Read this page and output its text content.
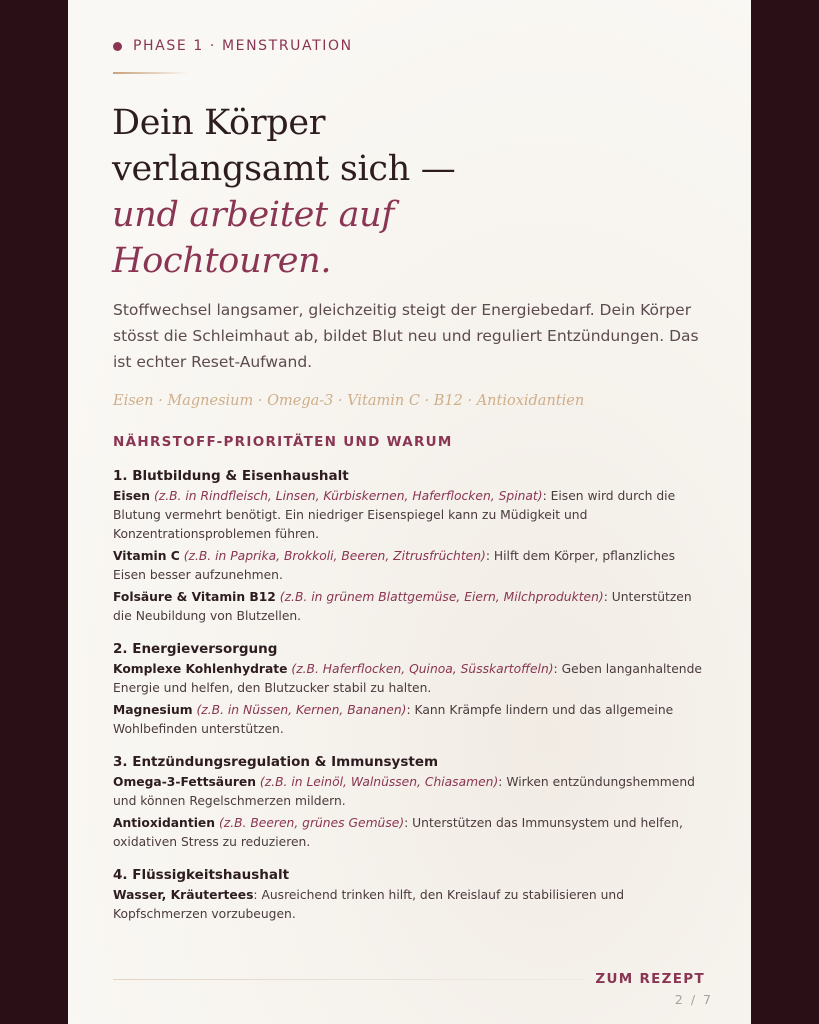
PHASE 1 · MENSTRUATION
Dein Körper
verlangsamt sich —
und arbeitet auf
Hochtouren.

Stoffwechsel langsamer, gleichzeitig steigt der Energiebedarf. Dein Körper stösst die Schleimhaut ab, bildet Blut neu und reguliert Entzündungen. Das ist echter Reset-Aufwand.

Eisen · Magnesium · Omega-3 · Vitamin C · B12 · Antioxidantien
NÄHRSTOFF-PRIORITÄTEN UND WARUM
1. Blutbildung & Eisenhaushalt

Eisen (z.B. in Rindfleisch, Linsen, Kürbiskernen, Haferflocken, Spinat): Eisen wird durch die Blutung vermehrt benötigt. Ein niedriger Eisenspiegel kann zu Müdigkeit und Konzentrationsproblemen führen.

Vitamin C (z.B. in Paprika, Brokkoli, Beeren, Zitrusfrüchten): Hilft dem Körper, pflanzliches Eisen besser aufzunehmen.

Folsäure & Vitamin B12 (z.B. in grünem Blattgemüse, Eiern, Milchprodukten): Unterstützen die Neubildung von Blutzellen.

2. Energieversorgung

Komplexe Kohlenhydrate (z.B. Haferflocken, Quinoa, Süsskartoffeln): Geben langanhaltende Energie und helfen, den Blutzucker stabil zu halten.

Magnesium (z.B. in Nüssen, Kernen, Bananen): Kann Krämpfe lindern und das allgemeine Wohlbefinden unterstützen.

3. Entzündungsregulation & Immunsystem

Omega-3-Fettsäuren (z.B. in Leinöl, Walnüssen, Chiasamen): Wirken entzündungshemmend und können Regelschmerzen mildern.

Antioxidantien (z.B. Beeren, grünes Gemüse): Unterstützen das Immunsystem und helfen, oxidativen Stress zu reduzieren.

4. Flüssigkeitshaushalt

Wasser, Kräutertees: Ausreichend trinken hilft, den Kreislauf zu stabilisieren und Kopfschmerzen vorzubeugen.

ZUM REZEPT
2 / 7
